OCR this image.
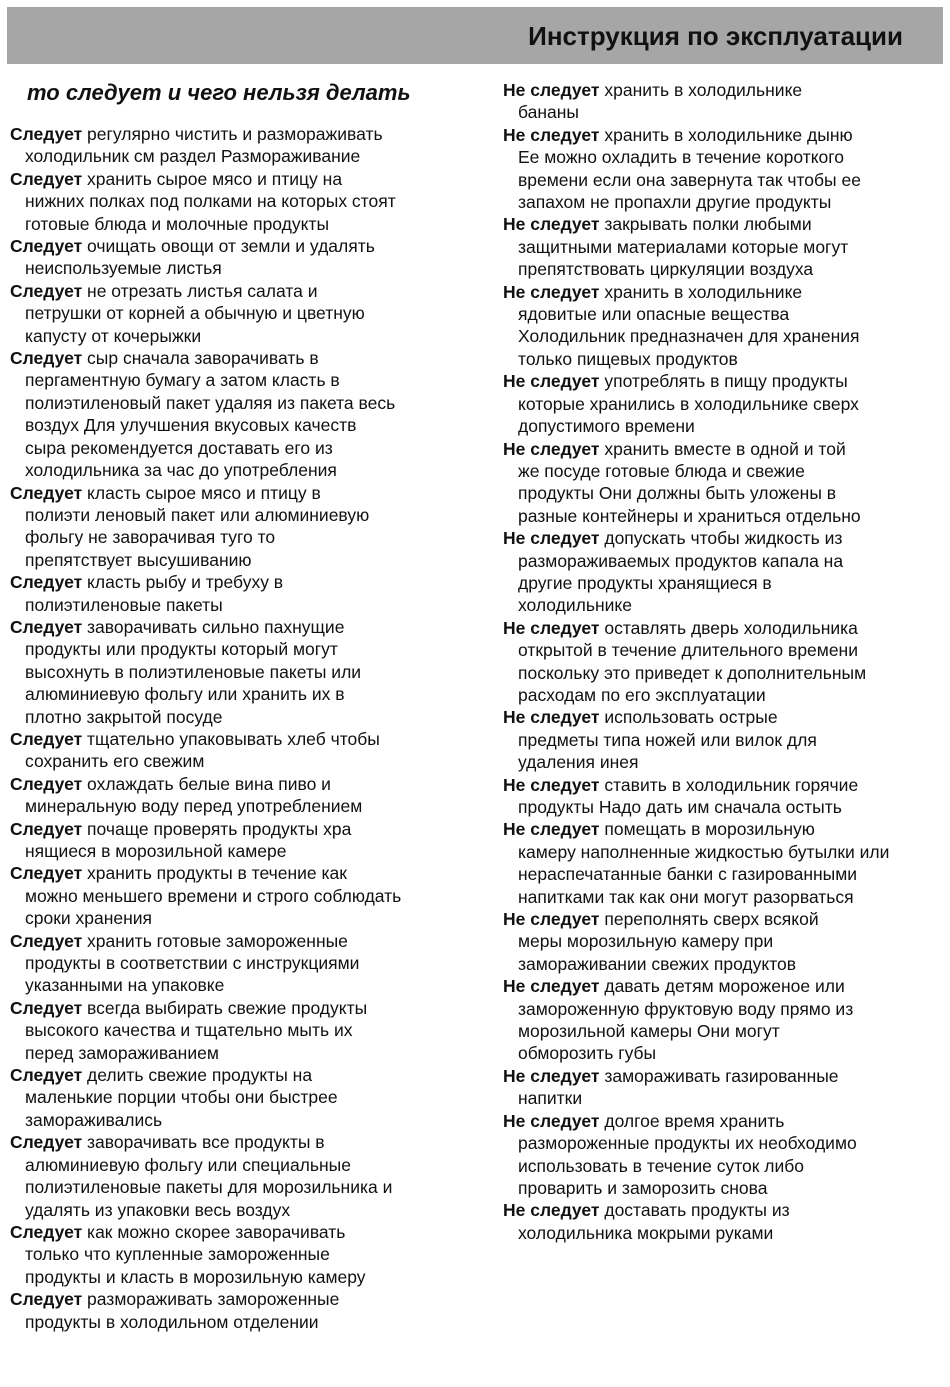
Инструкция по эксплуатации
то следует и чего нельзя делать
Следует регулярно чистить и размораживать
холодильник см раздел Размораживание
Следует хранить сырое мясо и птицу на
нижних полках под полками на которых стоят
готовые блюда и молочные продукты
Следует очищать овощи от земли и удалять
неиспользуемые листья
Следует не отрезать листья салата и
петрушки от корней а обычную и цветную
капусту от кочерыжки
Следует сыр сначала заворачивать в
пергаментную бумагу а затом класть в
полиэтиленовый пакет удаляя из пакета весь
воздух Для улучшения вкусовых качеств
сыра рекомендуется доставать его из
холодильника за час до употребления
Следует класть сырое мясо и птицу в
полиэти леновый пакет или алюминиевую
фольгу не заворачивая туго то
препятствует высушиванию
Следует класть рыбу и требуху в
полиэтиленовые пакеты
Следует заворачивать сильно пахнущие
продукты или продукты который могут
высохнуть в полиэтиленовые пакеты или
алюминиевую фольгу или хранить их в
плотно закрытой посуде
Следует тщательно упаковывать хлеб чтобы
сохранить его свежим
Следует охлаждать белые вина пиво и
минеральную воду перед употреблением
Следует почаще проверять продукты хра
нящиеся в морозильной камере
Следует хранить продукты в течение как
можно меньшего времени и строго соблюдать
сроки хранения
Следует хранить готовые замороженные
продукты в соответствии с инструкциями
указанными на упаковке
Следует всегда выбирать свежие продукты
высокого качества и тщательно мыть их
перед замораживанием
Следует делить свежие продукты на
маленькие порции чтобы они быстрее
замораживались
Следует заворачивать все продукты в
алюминиевую фольгу или специальные
полиэтиленовые пакеты для морозильника и
удалять из упаковки весь воздух
Следует как можно скорее заворачивать
только что купленные замороженные
продукты и класть в морозильную камеру
Следует размораживать замороженные
продукты в холодильном отделении
Не следует хранить в холодильнике
бананы
Не следует хранить в холодильнике дыню
Ее можно охладить в течение короткого
времени если она завернута так чтобы ее
запахом не пропахли другие продукты
Не следует закрывать полки любыми
защитными материалами которые могут
препятствовать циркуляции воздуха
Не следует хранить в холодильнике
ядовитые или опасные вещества
Холодильник предназначен для хранения
только пищевых продуктов
Не следует употреблять в пищу продукты
которые хранились в холодильнике сверх
допустимого времени
Не следует хранить вместе в одной и той
же посуде готовые блюда и свежие
продукты Они должны быть уложены в
разные контейнеры и храниться отдельно
Не следует допускать чтобы жидкость из
размораживаемых продуктов капала на
другие продукты хранящиеся в
холодильнике
Не следует оставлять дверь холодильника
открытой в течение длительного времени
поскольку это приведет к дополнительным
расходам по его эксплуатации
Не следует использовать острые
предметы типа ножей или вилок для
удаления инея
Не следует ставить в холодильник горячие
продукты Надо дать им сначала остыть
Не следует помещать в морозильную
камеру наполненные жидкостью бутылки или
нераспечатанные банки с газированными
напитками так как они могут разорваться
Не следует переполнять сверх всякой
меры морозильную камеру при
замораживании свежих продуктов
Не следует давать детям мороженое или
замороженную фруктовую воду прямо из
морозильной камеры Они могут
обморозить губы
Не следует замораживать газированные
напитки
Не следует долгое время хранить
размороженные продукты их необходимо
использовать в течение суток либо
проварить и заморозить снова
Не следует доставать продукты из
холодильника мокрыми руками
